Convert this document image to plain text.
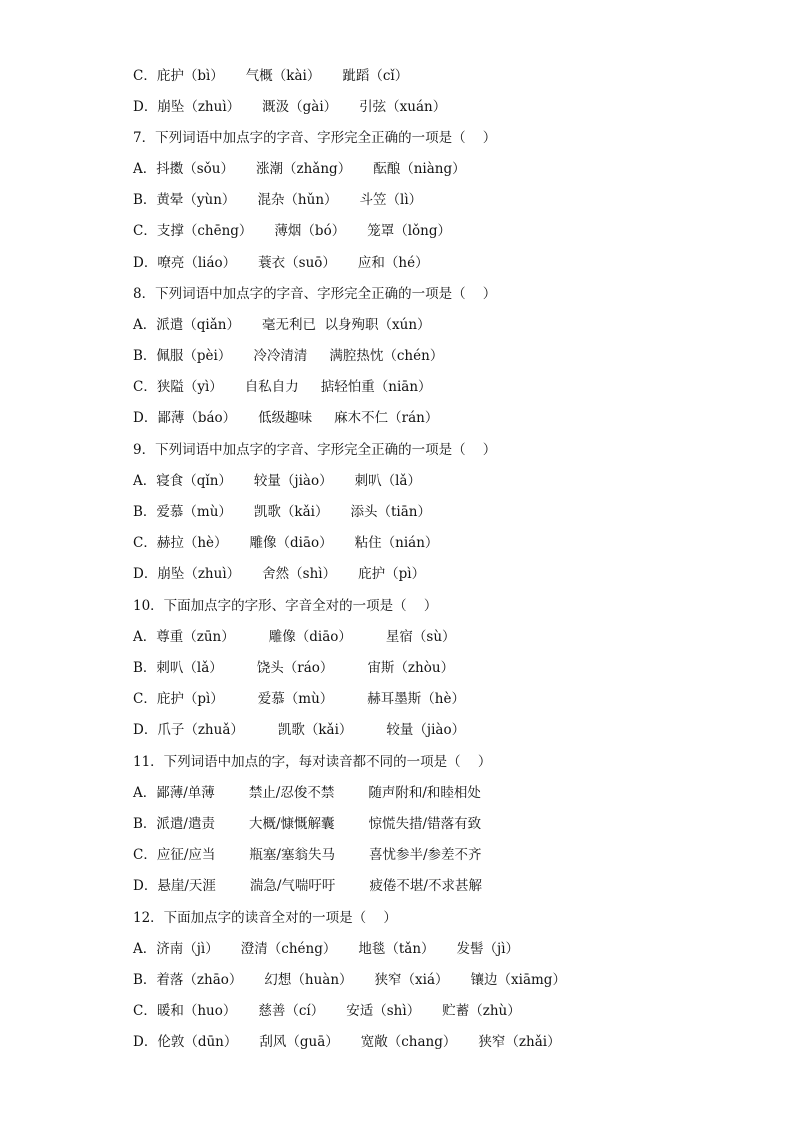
C．庇护（bì） 气概（kài） 跐蹈（cǐ）
D．崩坠（zhuì） 溉汲（gài） 引弦（xuán）
7．下列词语中加点字的字音、字形完全正确的一项是（    ）
A．抖擞（sǒu） 涨潮（zhǎng） 酝酿（niàng）
B．黄晕（yùn） 混杂（hǔn） 斗笠（lì）
C．支撑（chēng） 薄烟（bó） 笼罩（lǒng）
D．嘹亮（liáo） 蓑衣（suō） 应和（hé）
8．下列词语中加点字的字音、字形完全正确的一项是（    ）
A．派遣（qiǎn） 毫无利已  以身殉职（xún）
B．佩服（pèi） 冷冷清清 满腔热忱（chén）
C．狭隘（yì） 自私自力 掂轻怕重（niān）
D．鄙薄（báo） 低级趣味 麻木不仁（rán）
9．下列词语中加点字的字音、字形完全正确的一项是（    ）
A．寝食（qǐn） 较量（jiào） 刺叭（lǎ）
B．爱慕（mù） 凯歌（kǎi） 添头（tiān）
C．赫拉（hè） 雕像（diāo） 粘住（nián）
D．崩坠（zhuì） 舍然（shì） 庇护（pì）
10．下面加点字的字形、字音全对的一项是（    ）
A．尊重（zūn）	雕像（diāo）	星宿（sù）
B．刺叭（lǎ）	饶头（ráo）	宙斯（zhòu）
C．庇护（pì）	爱慕（mù）	赫耳墨斯（hè）
D．爪子（zhuǎ）	凯歌（kǎi）	较量（jiào）
11．下列词语中加点的字，每对读音都不同的一项是（    ）
A．鄙薄/单薄	禁止/忍俊不禁	随声附和/和睦相处
B．派遣/遣责	大概/慷慨解囊	惊慌失措/错落有致
C．应征/应当	瓶塞/塞翁失马	喜忧参半/参差不齐
D．悬崖/天涯	湍急/气喘吁吁	疲倦不堪/不求甚解
12．下面加点字的读音全对的一项是（    ）
A．济南（jì） 澄清（chéng） 地毯（tǎn） 发髻（jì）
B．着落（zhāo） 幻想（huàn） 狭窄（xiá） 镶边（xiāmg）
C．暖和（huo） 慈善（cí） 安适（shì） 贮蓄（zhù）
D．伦敦（dūn） 刮风（guā） 宽敞（chang） 狭窄（zhǎi）
